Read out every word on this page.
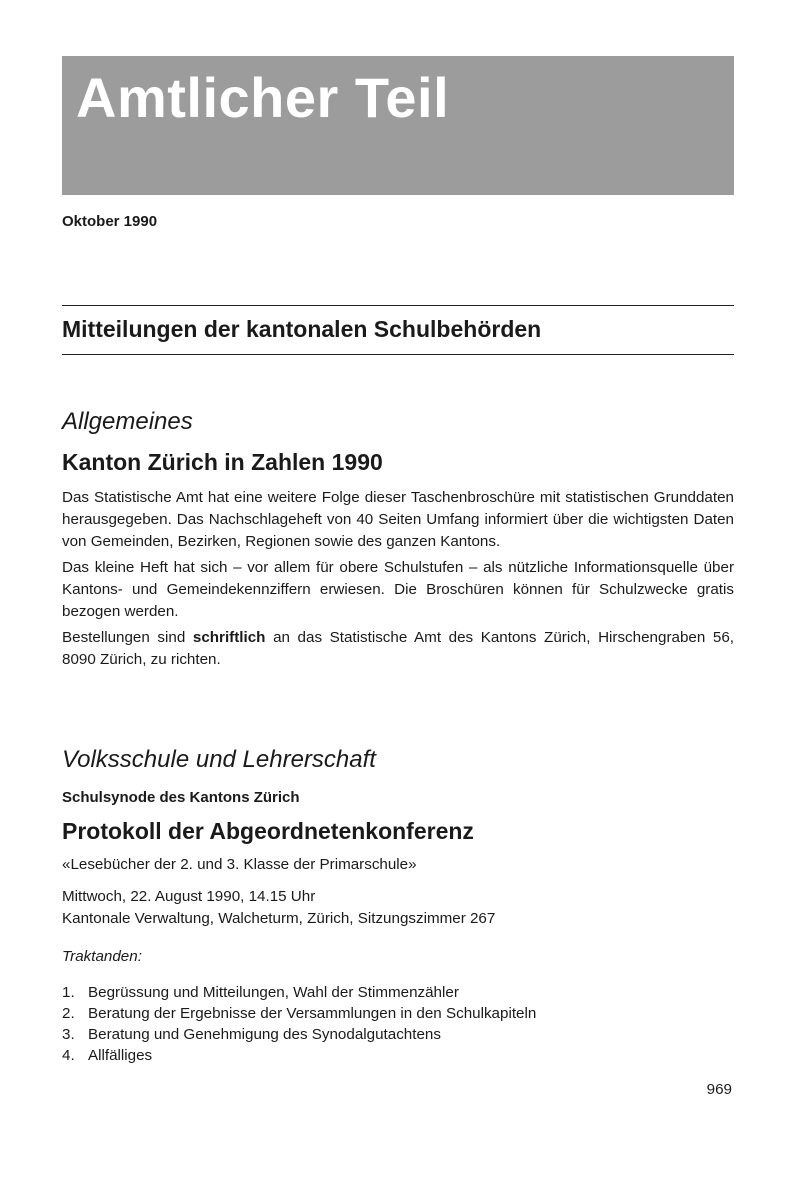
Amtlicher Teil
Oktober 1990
Mitteilungen der kantonalen Schulbehörden
Allgemeines
Kanton Zürich in Zahlen 1990

Das Statistische Amt hat eine weitere Folge dieser Taschenbroschüre mit statistischen Grunddaten herausgegeben. Das Nachschlageheft von 40 Seiten Umfang informiert über die wichtigsten Daten von Gemeinden, Bezirken, Regionen sowie des ganzen Kantons.

Das kleine Heft hat sich – vor allem für obere Schulstufen – als nützliche Informationsquelle über Kantons- und Gemeindekennziffern erwiesen. Die Broschüren können für Schulzwecke gratis bezogen werden.

Bestellungen sind schriftlich an das Statistische Amt des Kantons Zürich, Hirschengraben 56, 8090 Zürich, zu richten.

Volksschule und Lehrerschaft
Schulsynode des Kantons Zürich
Protokoll der Abgeordnetenkonferenz
«Lesebücher der 2. und 3. Klasse der Primarschule»
Mittwoch, 22. August 1990, 14.15 Uhr
Kantonale Verwaltung, Walcheturm, Zürich, Sitzungszimmer 267
Traktanden:
1. Begrüssung und Mitteilungen, Wahl der Stimmenzähler
2. Beratung der Ergebnisse der Versammlungen in den Schulkapiteln
3. Beratung und Genehmigung des Synodalgutachtens
4. Allfälliges
969
